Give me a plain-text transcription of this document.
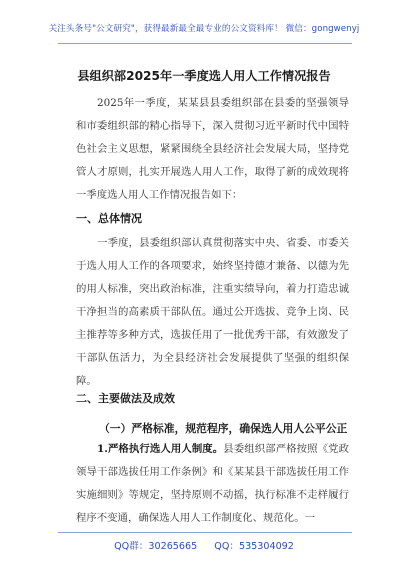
关注头条号"公文研究"，获得最新最全最专业的公文资料库！ 微信：gongwenyj
县组织部2025年一季度选人用人工作情况报告
2025年一季度，某某县县委组织部在县委的坚强领导和市委组织部的精心指导下，深入贯彻习近平新时代中国特色社会主义思想，紧紧围绕全县经济社会发展大局，坚持党管人才原则，扎实开展选人用人工作，取得了新的成效现将一季度选人用人工作情况报告如下：
一、总体情况
一季度，县委组织部认真贯彻落实中央、省委、市委关于选人用人工作的各项要求，始终坚持德才兼备、以德为先的用人标准，突出政治标准，注重实绩导向，着力打造忠诚干净担当的高素质干部队伍。通过公开选拔、竞争上岗、民主推荐等多种方式，选拔任用了一批优秀干部，有效激发了干部队伍活力，为全县经济社会发展提供了坚强的组织保障。
二、主要做法及成效
（一）严格标准，规范程序，确保选人用人公平公正
1.严格执行选人用人制度。县委组织部严格按照《党政领导干部选拔任用工作条例》和《某某县干部选拔任用工作实施细则》等规定，坚持原则不动摇，执行标准不走样履行程序不变通，确保选人用人工作制度化、规范化。一
QQ群：30265665 QQ：535304092
